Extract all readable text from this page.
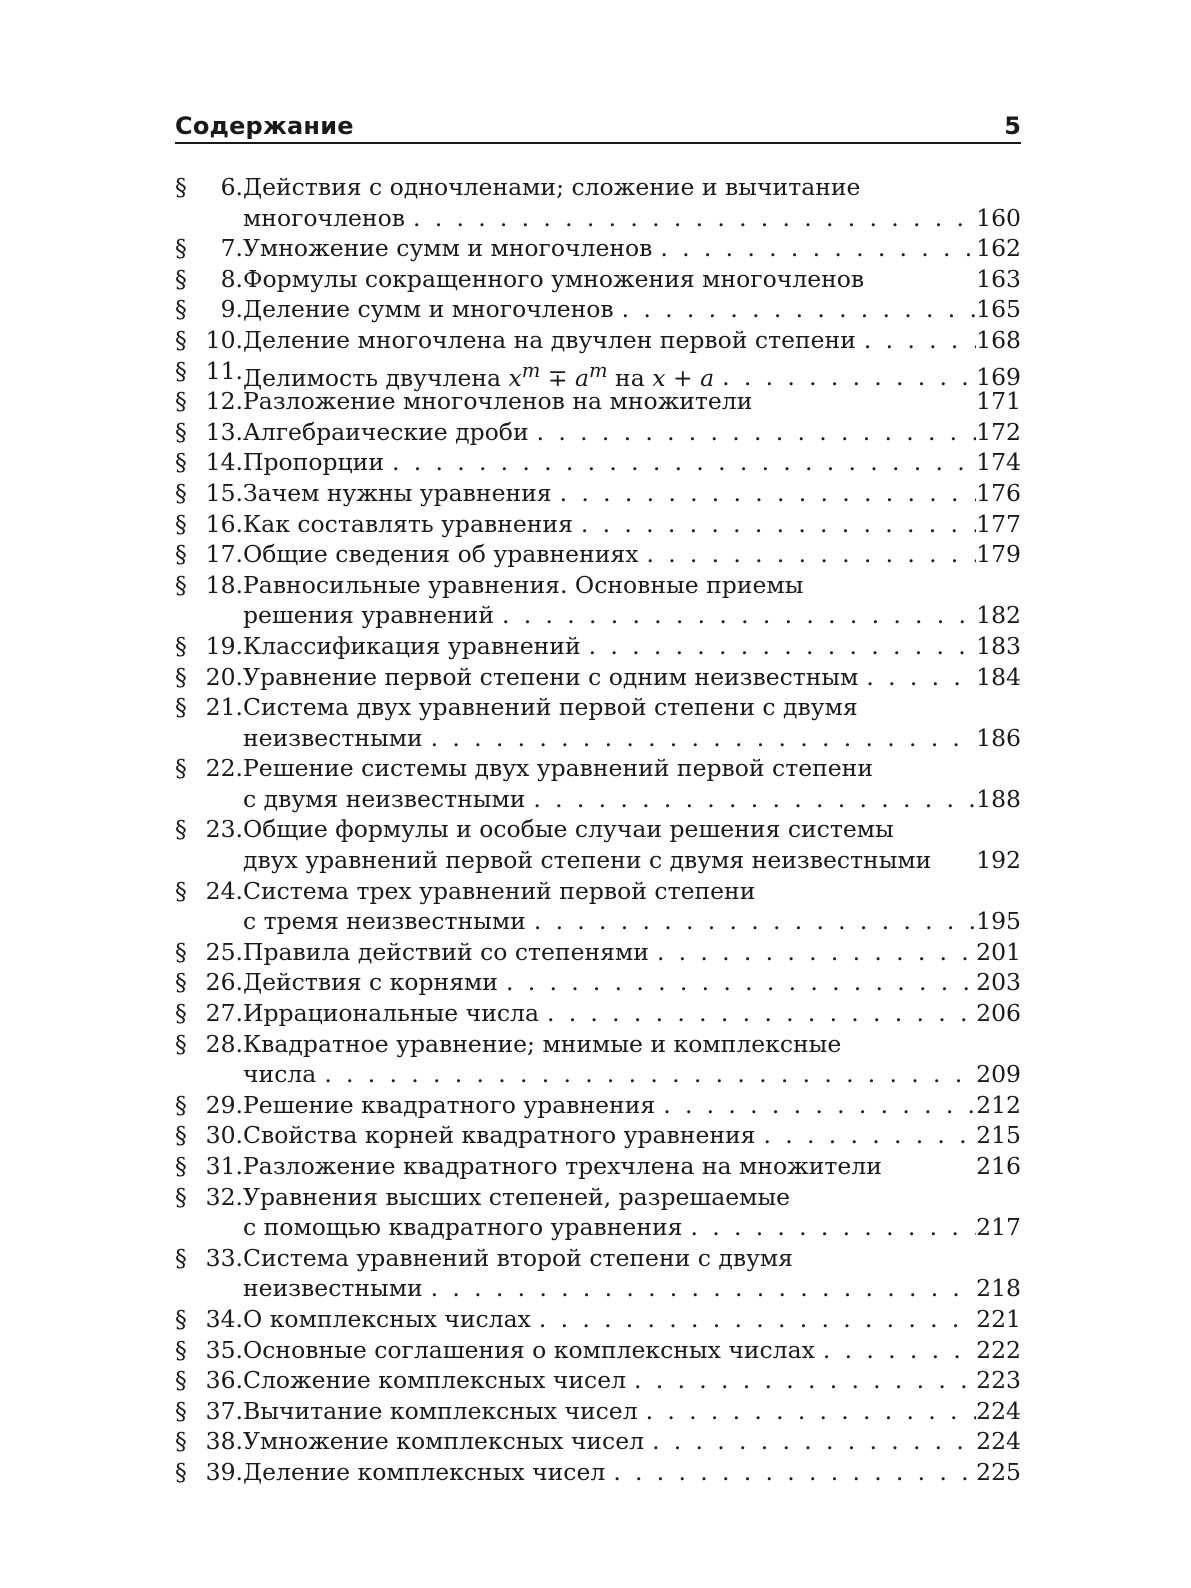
Содержание	5
§ 6. Действия с одночленами; сложение и вычитание
многочленов . . .	160
§ 7. Умножение сумм и многочленов . . .	162
§ 8. Формулы сокращенного умножения многочленов	163
§ 9. Деление сумм и многочленов . . .	165
§ 10. Деление многочлена на двучлен первой степени . . .	168
§ 11. Делимость двучлена $x^m \mp a^m$ на x + a . . .	169
§ 12. Разложение многочленов на множители	171
§ 13. Алгебраические дроби . . .	172
§ 14. Пропорции . . .	174
§ 15. Зачем нужны уравнения . . .	176
§ 16. Как составлять уравнения . . .	177
§ 17. Общие сведения об уравнениях . . .	179
§ 18. Равносильные уравнения. Основные приемы
решения уравнений . . .	182
§ 19. Классификация уравнений . . .	183
§ 20. Уравнение первой степени с одним неизвестным . . .	184
§ 21. Система двух уравнений первой степени с двумя
неизвестными . . .	186
§ 22. Решение системы двух уравнений первой степени
с двумя неизвестными . . .	188
§ 23. Общие формулы и особые случаи решения системы
двух уравнений первой степени с двумя неизвестными 192
§ 24. Система трех уравнений первой степени
с тремя неизвестными . . .	195
§ 25. Правила действий со степенями . . .	201
§ 26. Действия с корнями . . .	203
§ 27. Иррациональные числа . . .	206
§ 28. Квадратное уравнение; мнимые и комплексные
числа . . .	209
§ 29. Решение квадратного уравнения . . .	212
§ 30. Свойства корней квадратного уравнения . . .	215
§ 31. Разложение квадратного трехчлена на множители	216
§ 32. Уравнения высших степеней, разрешаемые
с помощью квадратного уравнения . . .	217
§ 33. Система уравнений второй степени с двумя
неизвестными . . .	218
§ 34. О комплексных числах . . .	221
§ 35. Основные соглашения о комплексных числах . . .	222
§ 36. Сложение комплексных чисел . . .	223
§ 37. Вычитание комплексных чисел . . .	224
§ 38. Умножение комплексных чисел . . .	224
§ 39. Деление комплексных чисел . . .	225
